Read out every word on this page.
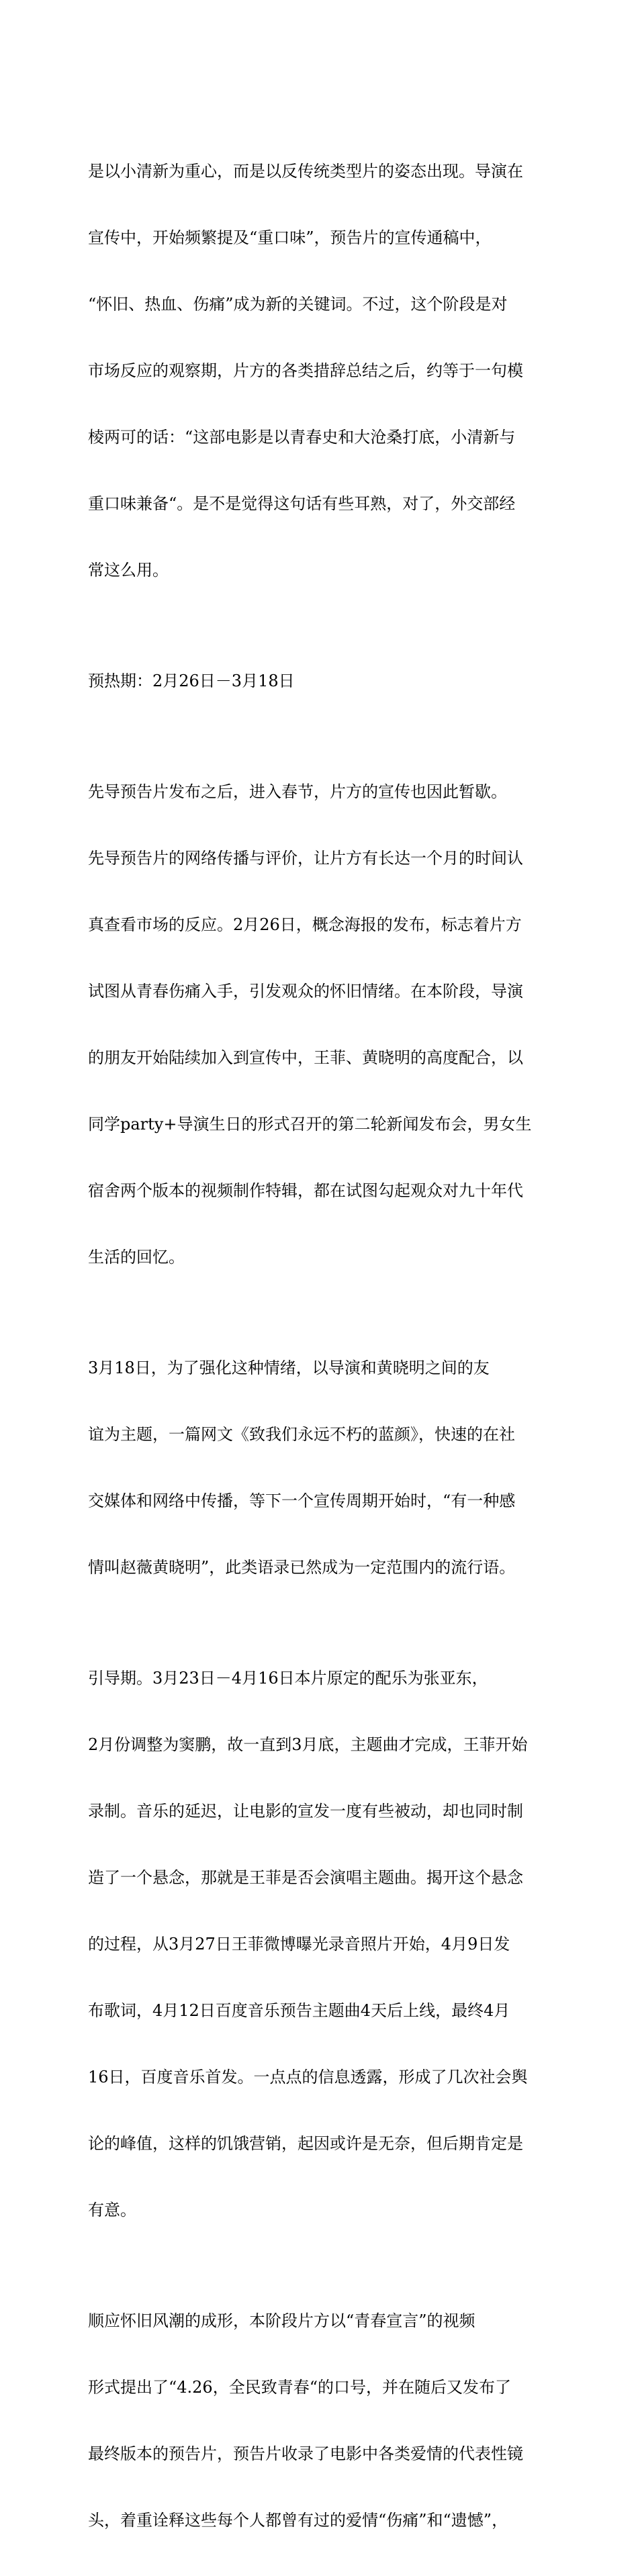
是以小清新为重心，而是以反传统类型片的姿态出现。导演在

宣传中，开始频繁提及“重口味”，预告片的宣传通稿中，

“怀旧、热血、伤痛”成为新的关键词。不过，这个阶段是对

市场反应的观察期，片方的各类措辞总结之后，约等于一句模

棱两可的话：“这部电影是以青春史和大沧桑打底，小清新与

重口味兼备“。是不是觉得这句话有些耳熟，对了，外交部经

常这么用。

预热期：2月26日－3月18日

先导预告片发布之后，进入春节，片方的宣传也因此暂歇。

先导预告片的网络传播与评价，让片方有长达一个月的时间认

真查看市场的反应。2月26日，概念海报的发布，标志着片方

试图从青春伤痛入手，引发观众的怀旧情绪。在本阶段，导演

的朋友开始陆续加入到宣传中，王菲、黄晓明的高度配合，以

同学party+导演生日的形式召开的第二轮新闻发布会，男女生

宿舍两个版本的视频制作特辑，都在试图勾起观众对九十年代

生活的回忆。

3月18日，为了强化这种情绪，以导演和黄晓明之间的友

谊为主题，一篇网文《致我们永远不朽的蓝颜》，快速的在社

交媒体和网络中传播，等下一个宣传周期开始时，“有一种感

情叫赵薇黄晓明”，此类语录已然成为一定范围内的流行语。

引导期。3月23日－4月16日本片原定的配乐为张亚东，

2月份调整为窦鹏，故一直到3月底，主题曲才完成，王菲开始

录制。音乐的延迟，让电影的宣发一度有些被动，却也同时制

造了一个悬念，那就是王菲是否会演唱主题曲。揭开这个悬念

的过程，从3月27日王菲微博曝光录音照片开始，4月9日发

布歌词，4月12日百度音乐预告主题曲4天后上线，最终4月

16日，百度音乐首发。一点点的信息透露，形成了几次社会舆

论的峰值，这样的饥饿营销，起因或许是无奈，但后期肯定是

有意。

顺应怀旧风潮的成形，本阶段片方以“青春宣言”的视频

形式提出了“4.26，全民致青春“的口号，并在随后又发布了

最终版本的预告片，预告片收录了电影中各类爱情的代表性镜

头，着重诠释这些每个人都曾有过的爱情“伤痛”和“遗憾”，
